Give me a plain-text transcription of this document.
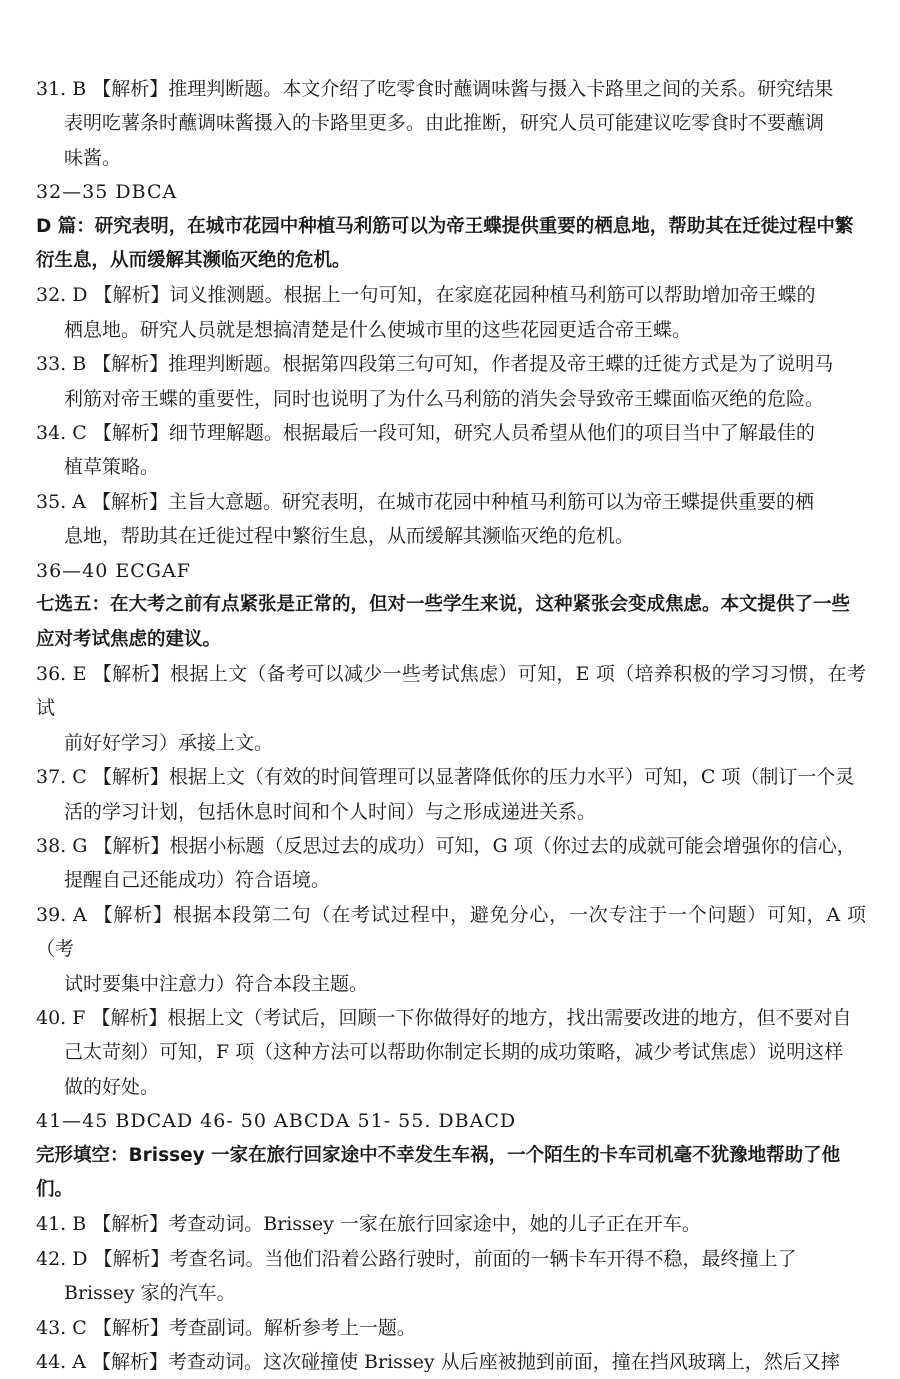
31. B 【解析】推理判断题。本文介绍了吃零食时蘸调味酱与摄入卡路里之间的关系。研究结果
表明吃薯条时蘸调味酱摄入的卡路里更多。由此推断，研究人员可能建议吃零食时不要蘸调
味酱。

32—35 DBCA

D 篇：研究表明，在城市花园中种植马利筋可以为帝王蝶提供重要的栖息地，帮助其在迁徙过程中繁衍生息，从而缓解其濒临灭绝的危机。

32. D 【解析】词义推测题。根据上一句可知，在家庭花园种植马利筋可以帮助增加帝王蝶的
栖息地。研究人员就是想搞清楚是什么使城市里的这些花园更适合帝王蝶。

33. B 【解析】推理判断题。根据第四段第三句可知，作者提及帝王蝶的迁徙方式是为了说明马
利筋对帝王蝶的重要性，同时也说明了为什么马利筋的消失会导致帝王蝶面临灭绝的危险。

34. C 【解析】细节理解题。根据最后一段可知，研究人员希望从他们的项目当中了解最佳的
植草策略。

35. A 【解析】主旨大意题。研究表明，在城市花园中种植马利筋可以为帝王蝶提供重要的栖
息地，帮助其在迁徙过程中繁衍生息，从而缓解其濒临灭绝的危机。

36—40 ECGAF

七选五：在大考之前有点紧张是正常的，但对一些学生来说，这种紧张会变成焦虑。本文提供了一些应对考试焦虑的建议。

36. E 【解析】根据上文（备考可以减少一些考试焦虑）可知，E 项（培养积极的学习习惯，在考试
前好好学习）承接上文。

37. C 【解析】根据上文（有效的时间管理可以显著降低你的压力水平）可知，C 项（制订一个灵
活的学习计划，包括休息时间和个人时间）与之形成递进关系。

38. G 【解析】根据小标题（反思过去的成功）可知，G 项（你过去的成就可能会增强你的信心，
提醒自己还能成功）符合语境。

39. A 【解析】根据本段第二句（在考试过程中，避免分心，一次专注于一个问题）可知，A 项（考
试时要集中注意力）符合本段主题。

40. F 【解析】根据上文（考试后，回顾一下你做得好的地方，找出需要改进的地方，但不要对自
己太苛刻）可知，F 项（这种方法可以帮助你制定长期的成功策略，减少考试焦虑）说明这样
做的好处。

41—45 BDCAD 46- 50 ABCDA 51- 55. DBACD

完形填空：Brissey 一家在旅行回家途中不幸发生车祸，一个陌生的卡车司机毫不犹豫地帮助了他们。

41. B 【解析】考查动词。Brissey 一家在旅行回家途中，她的儿子正在开车。

42. D 【解析】考查名词。当他们沿着公路行驶时，前面的一辆卡车开得不稳，最终撞上了
Brissey 家的汽车。

43. C 【解析】考查副词。解析参考上一题。

44. A 【解析】考查动词。这次碰撞使 Brissey 从后座被抛到前面，撞在挡风玻璃上，然后又摔
